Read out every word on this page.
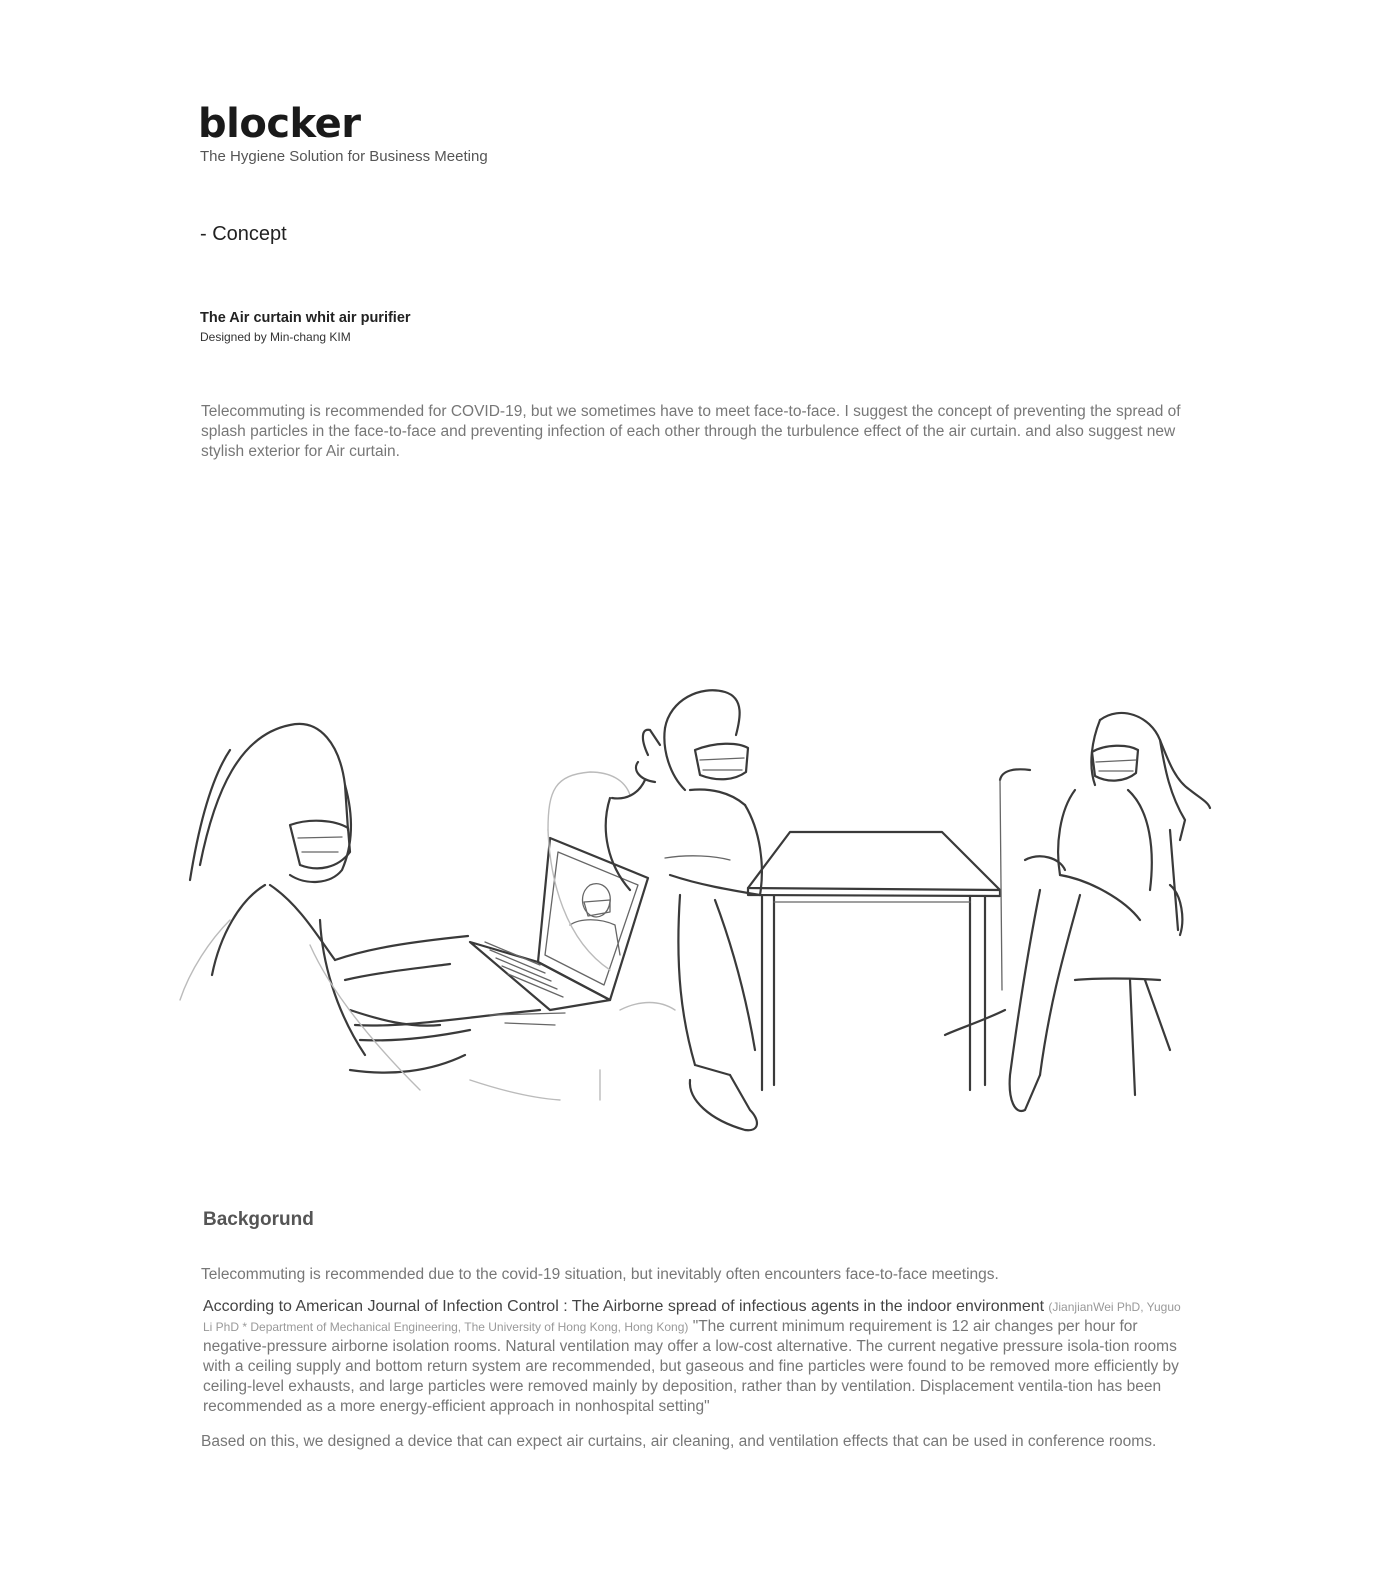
blocker
The Hygiene Solution for Business Meeting
- Concept
The Air curtain whit air purifier
Designed by Min-chang KIM

Telecommuting is recommended for COVID-19, but we sometimes have to meet face-to-face. I suggest the concept of preventing the spread of splash particles in the face-to-face and preventing infection of each other through the turbulence effect of the air curtain. and also suggest new stylish exterior for Air curtain.

Backgorund

Telecommuting is recommended due to the covid-19 situation, but inevitably often encounters face-to-face meetings.

According to American Journal of Infection Control : The Airborne spread of infectious agents in the indoor environment (JianjianWei PhD, Yuguo Li PhD * Department of Mechanical Engineering, The University of Hong Kong, Hong Kong) "The current minimum requirement is 12 air changes per hour for negative-pressure airborne isolation rooms. Natural ventilation may offer a low-cost alternative. The current negative pressure isola-tion rooms with a ceiling supply and bottom return system are recommended, but gaseous and fine particles were found to be removed more efficiently by ceiling-level exhausts, and large particles were removed mainly by deposition, rather than by ventilation. Displacement ventila-tion has been recommended as a more energy-efficient approach in nonhospital setting"

Based on this, we designed a device that can expect air curtains, air cleaning, and ventilation effects that can be used in conference rooms.
